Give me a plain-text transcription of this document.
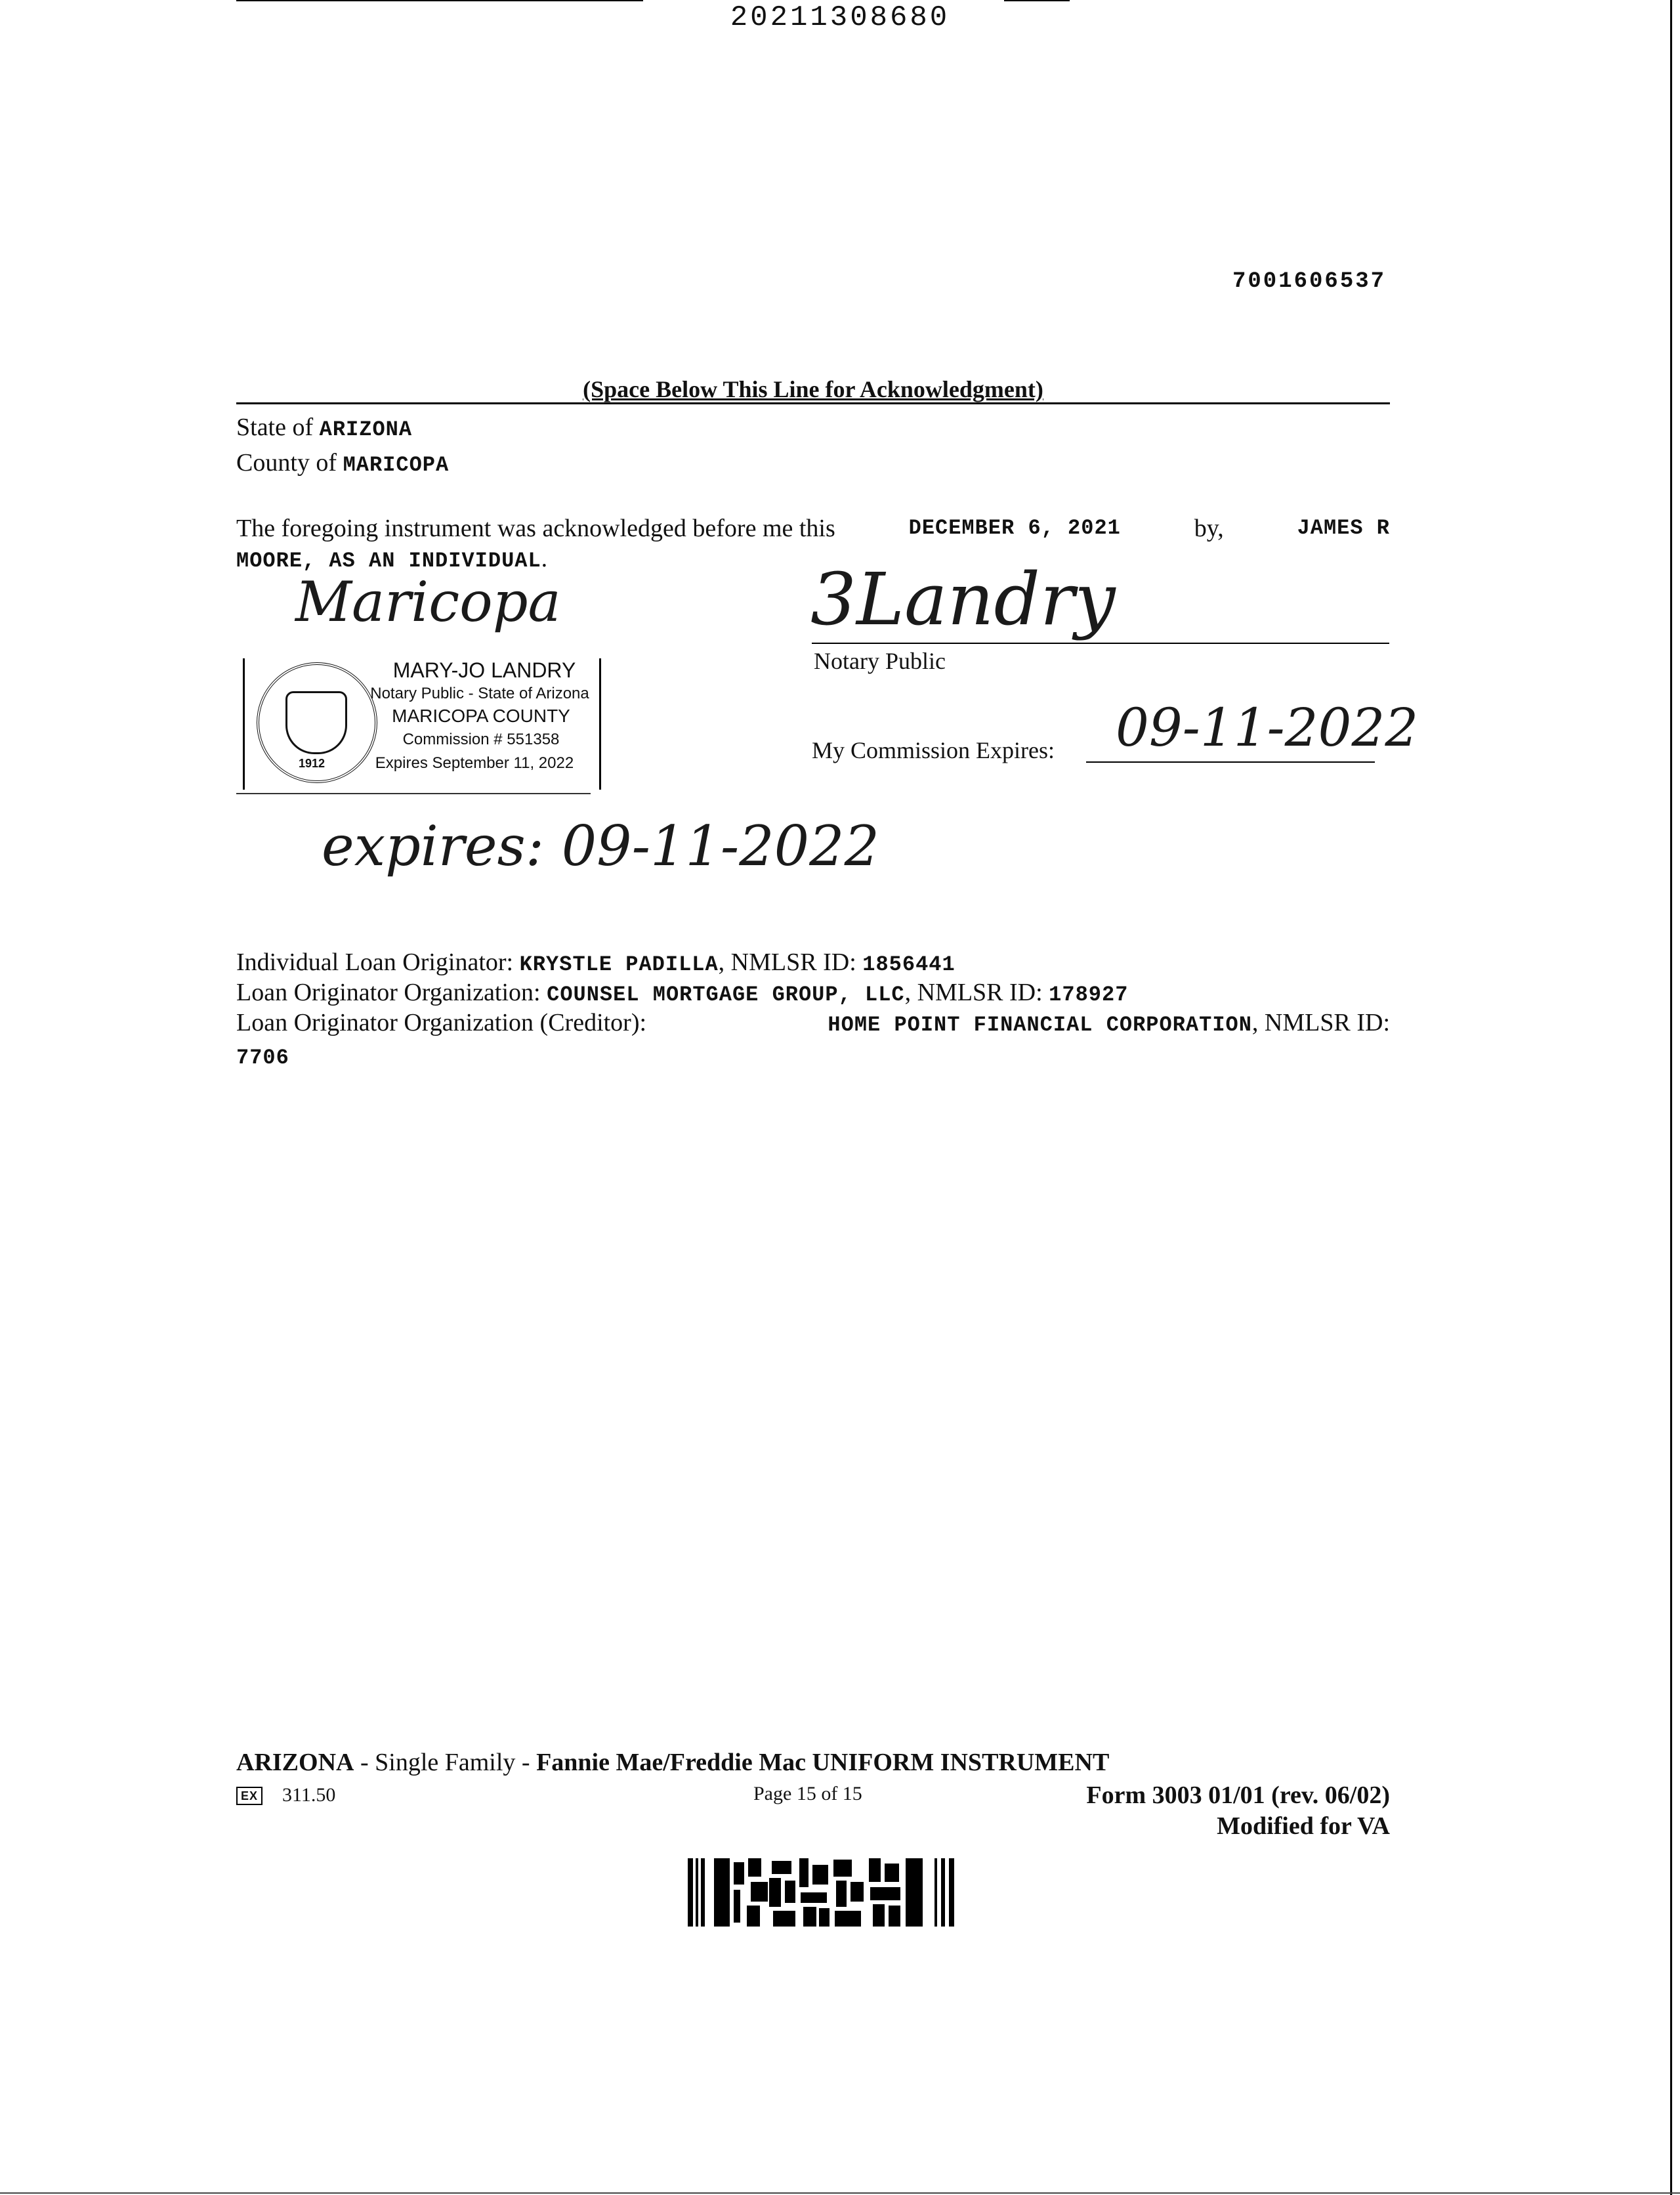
20211308680
7001606537
(Space Below This Line for Acknowledgment)
State of ARIZONA
County of MARICOPA
The foregoing instrument was acknowledged before me this	DECEMBER 6, 2021	by,	JAMES R
MOORE, AS AN INDIVIDUAL.
Maricopa
1912
MARY-JO LANDRY
Notary Public - State of Arizona
MARICOPA COUNTY
Commission # 551358
Expires September 11, 2022
3Landry
Notary Public
My Commission Expires: 09-11-2022
expires: 09-11-2022
Individual Loan Originator: KRYSTLE PADILLA, NMLSR ID: 1856441
Loan Originator Organization: COUNSEL MORTGAGE GROUP, LLC, NMLSR ID: 178927
Loan Originator Organization (Creditor):	HOME POINT FINANCIAL CORPORATION, NMLSR ID:
7706
ARIZONA - Single Family - Fannie Mae/Freddie Mac UNIFORM INSTRUMENT
EX 311.50	Page 15 of 15	Form 3003 01/01 (rev. 06/02)
Modified for VA
